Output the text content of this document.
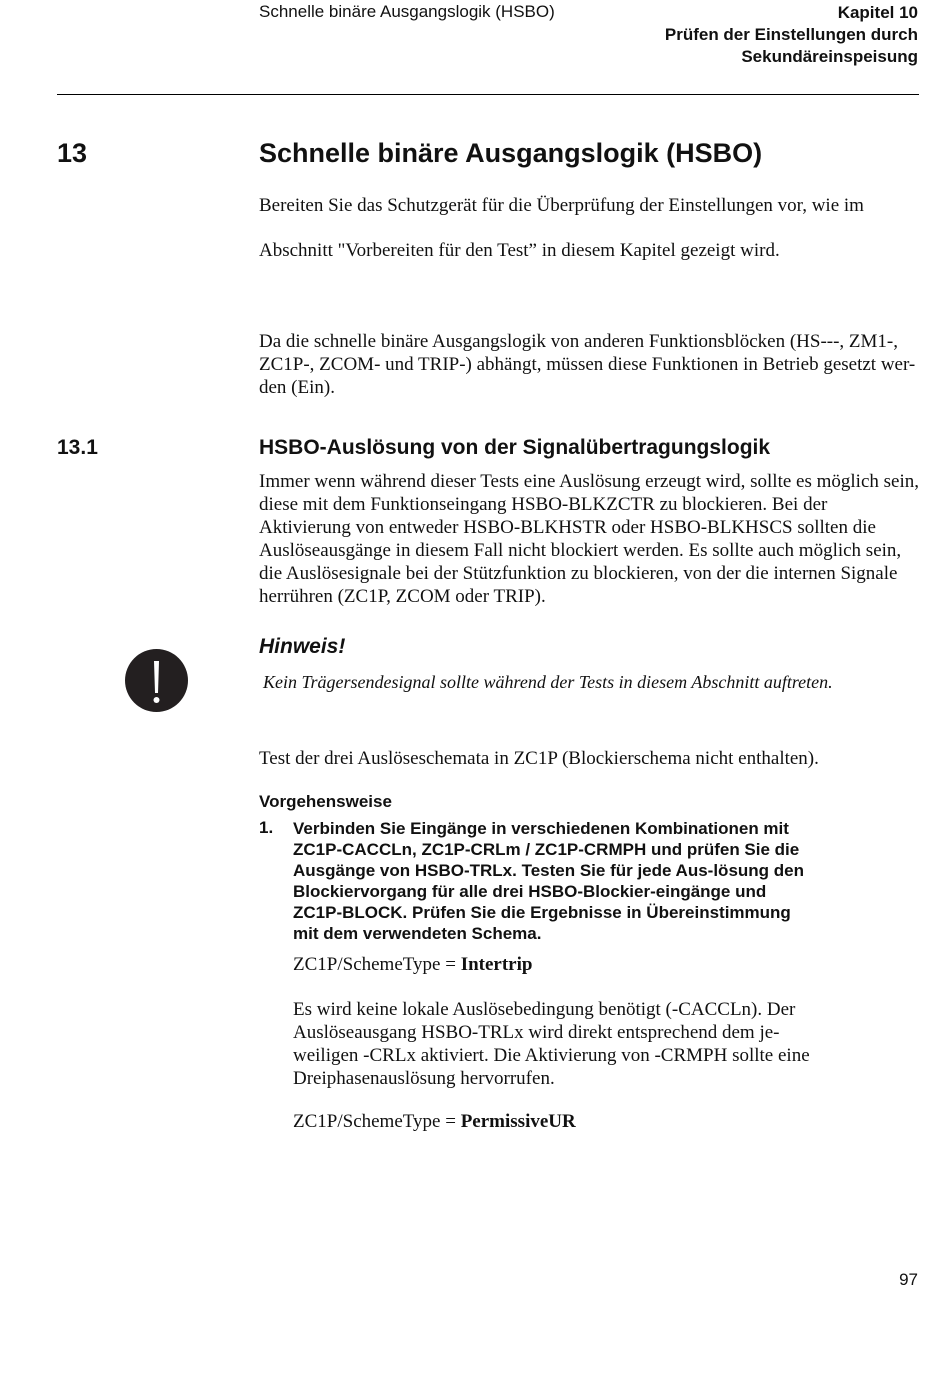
Schnelle binäre Ausgangslogik (HSBO)	Kapitel 10
Prüfen der Einstellungen durch
Sekundäreinspeisung
13	Schnelle binäre Ausgangslogik (HSBO)
Bereiten Sie das Schutzgerät für die Überprüfung der Einstellungen vor, wie im
Abschnitt "Vorbereiten für den Test” in diesem Kapitel gezeigt wird.
Da die schnelle binäre Ausgangslogik von anderen Funktionsblöcken (HS---, ZM1-, ZC1P-, ZCOM- und TRIP-) abhängt, müssen diese Funktionen in Betrieb gesetzt wer-den (Ein).
13.1	HSBO-Auslösung von der Signalübertragungslogik
Immer wenn während dieser Tests eine Auslösung erzeugt wird, sollte es möglich sein, diese mit dem Funktionseingang HSBO-BLKZCTR zu blockieren. Bei der Aktivierung von entweder HSBO-BLKHSTR oder HSBO-BLKHSCS sollten die Auslöseausgänge in diesem Fall nicht blockiert werden. Es sollte auch möglich sein, die Auslösesignale bei der Stützfunktion zu blockieren, von der die internen Signale herrühren (ZC1P, ZCOM oder TRIP).
Hinweis!
Kein Trägersendesignal sollte während der Tests in diesem Abschnitt auftreten.
Test der drei Auslöseschemata in ZC1P (Blockierschema nicht enthalten).
Vorgehensweise
1. Verbinden Sie Eingänge in verschiedenen Kombinationen mit ZC1P-CACCLn, ZC1P-CRLm / ZC1P-CRMPH und prüfen Sie die Ausgänge von HSBO-TRLx. Testen Sie für jede Aus-lösung den Blockiervorgang für alle drei HSBO-Blockier-eingänge und ZC1P-BLOCK. Prüfen Sie die Ergebnisse in Übereinstimmung mit dem verwendeten Schema.
ZC1P/SchemeType = Intertrip
Es wird keine lokale Auslösebedingung benötigt (-CACCLn). Der Auslöseausgang HSBO-TRLx wird direkt entsprechend dem je-weiligen -CRLx aktiviert. Die Aktivierung von -CRMPH sollte eine Dreiphasenauslösung hervorrufen.
ZC1P/SchemeType = PermissiveUR
97
